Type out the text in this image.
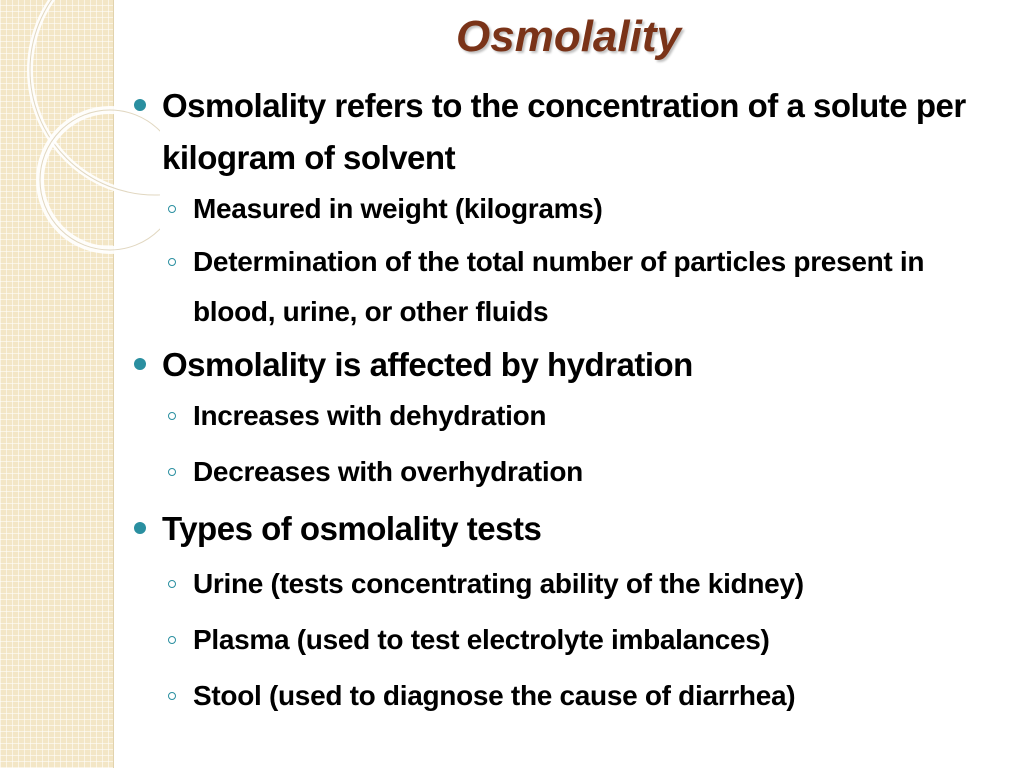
Osmolality
Osmolality refers to the concentration of a solute per kilogram of solvent
Measured in weight (kilograms)
Determination of the total number of particles present in blood, urine, or other fluids
Osmolality is affected by hydration
Increases with dehydration
Decreases with overhydration
Types of osmolality tests
Urine (tests concentrating ability of the kidney)
Plasma (used to test electrolyte imbalances)
Stool (used to diagnose the cause of diarrhea)
